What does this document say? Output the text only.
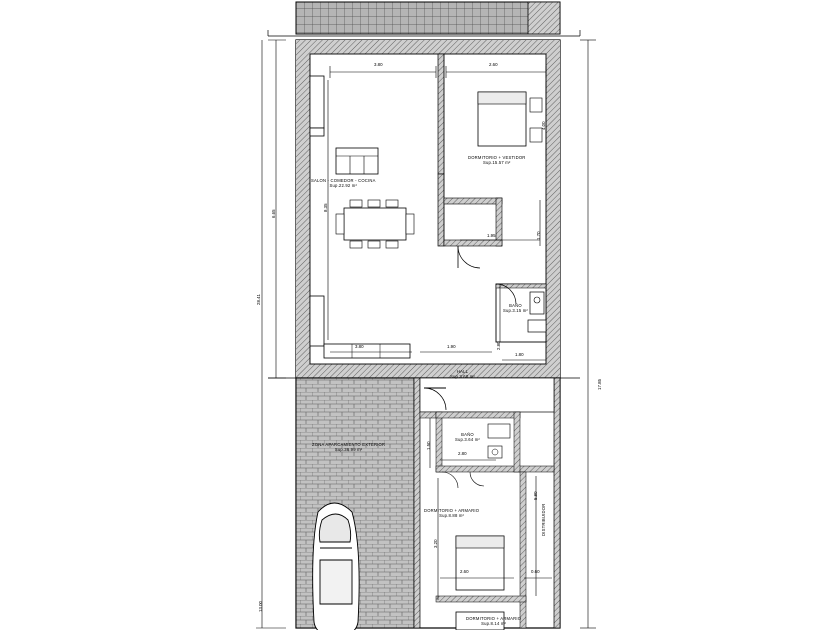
SALON - COMEDOR - COCINA
Sup.22.92 m²
DORMITORIO + VESTIDOR
Sup.15.57 m²
BAÑO
Sup.3.15 m²
HALL
Sup.3.60 m²
ZONA APARCAMIENTO EXTERIOR
Sup.36.99 m²
BAÑO
Sup.3.64 m²
DORMITORIO + ARMARIO
Sup.8.88 m²
DORMITORIO + ARMARIO
Sup.8.14 m²
DISTRIBUIDOR
3.80	2.60
1.95
3.80	1.90
1.80
2.80
2.60	0.60
28.41
6.65
13.00
17.85
8.35
4.00
1.70
2.80
1.50
3.20
5.80
